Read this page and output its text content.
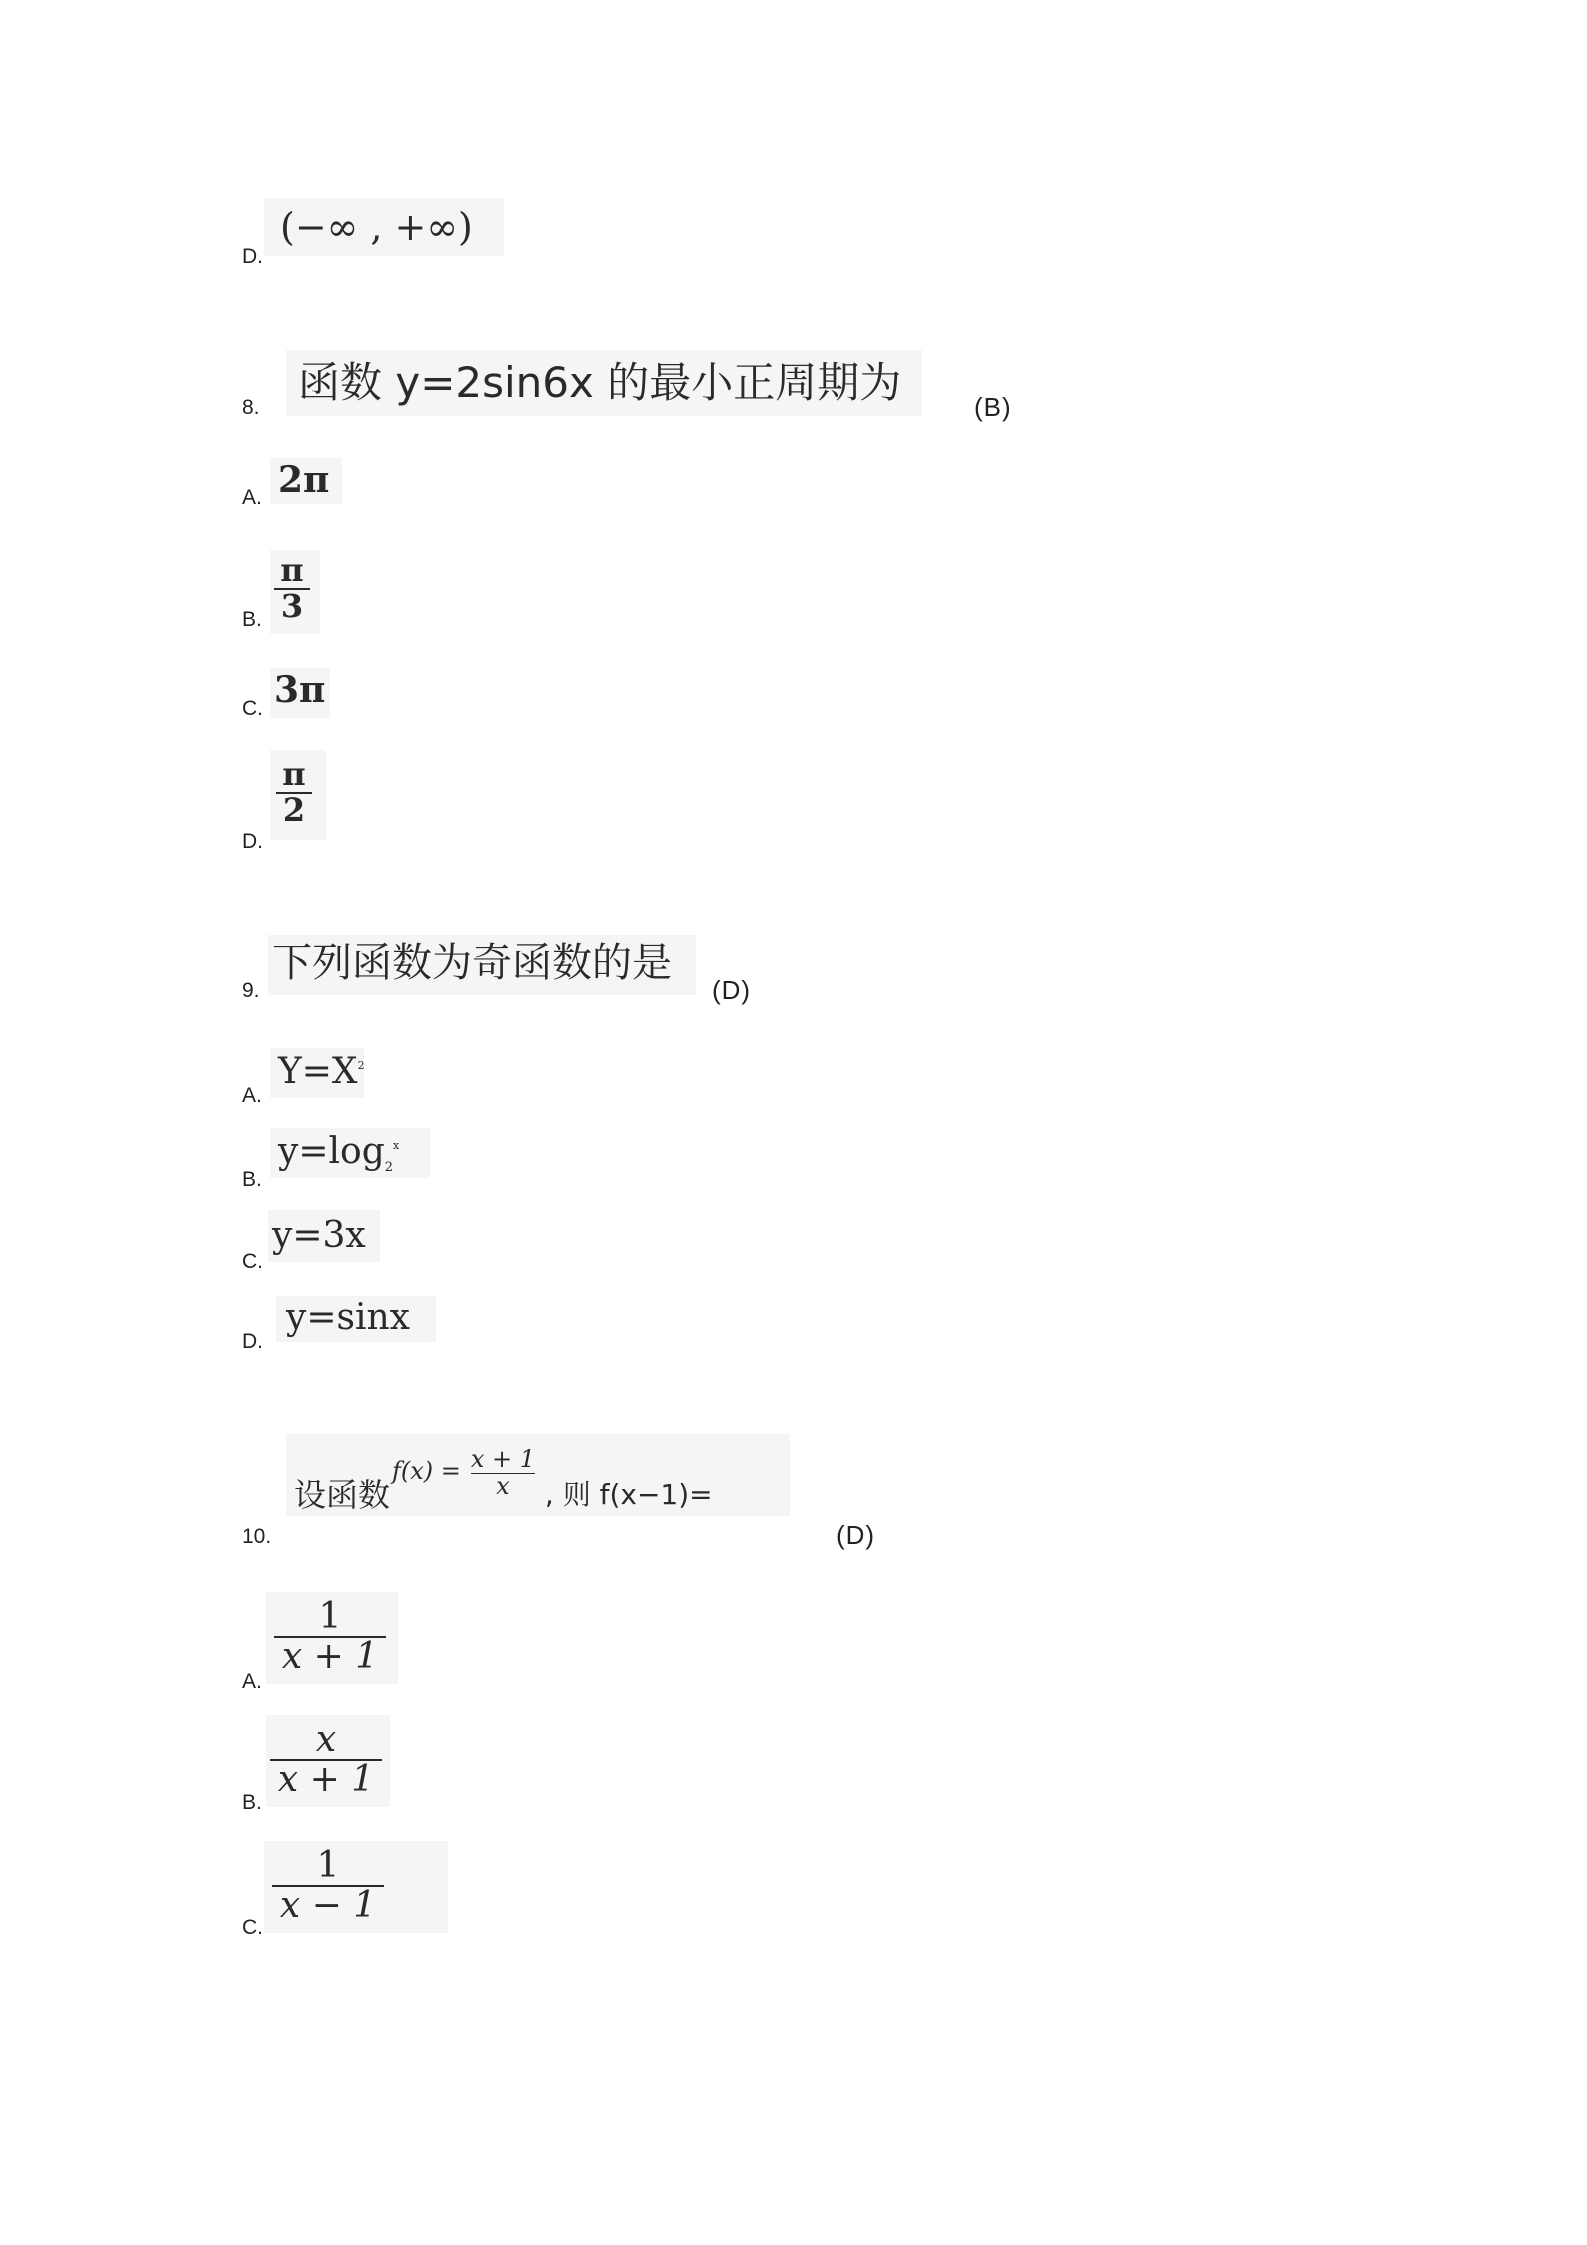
D.
(−∞ , +∞)
8.
函数 y=2sin6x 的最小正周期为	(B)
A. 2π
B. $\frac{\pi}{3}$
C. 3π
D.
$\frac{\pi}{2}$
9.
下列函数为奇函数的是
(D)
A.
$Y=X^2$
B.
$y=\log_2^x$
C.
y=3x
D.
y=sinx
10.
设函数
$f(x) = \frac{x + 1}{x}$ , 则 f(x−1)=
(D)
A.
$\frac{1}{x + 1}$
B.
$\frac{x}{x + 1}$
C.
$\frac{1}{x - 1}$
